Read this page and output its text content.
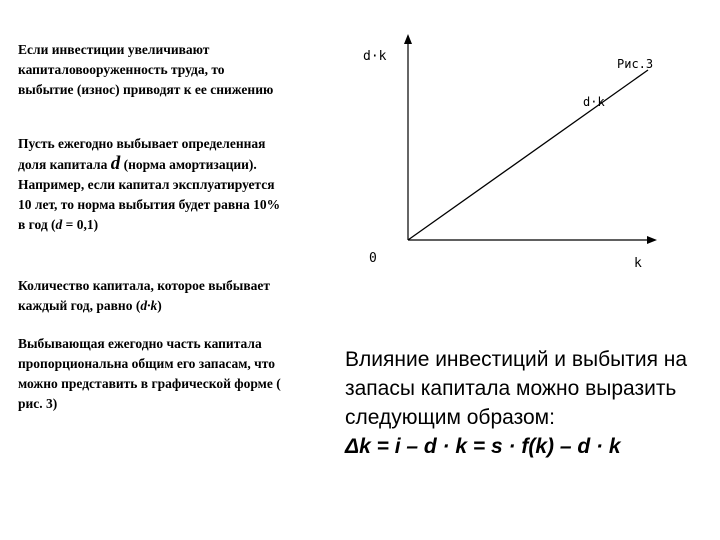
Если инвестиции увеличивают капиталовооруженность труда, то выбытие (износ) приводят к ее снижению
Пусть ежегодно выбывает определенная доля капитала d (норма амортизации). Например, если капитал эксплуатируется 10 лет, то норма выбытия будет равна 10% в год (d = 0,1)
Количество капитала, которое выбывает каждый год, равно (d·k)
Выбывающая ежегодно часть капитала пропорциональна общим его запасам, что можно представить в графической форме ( рис. 3)
d·k	Рис.3
d·k
0	k
Влияние инвестиций и выбытия на запасы капитала можно выразить следующим образом:
Δk = i – d · k = s · f(k) – d · k
